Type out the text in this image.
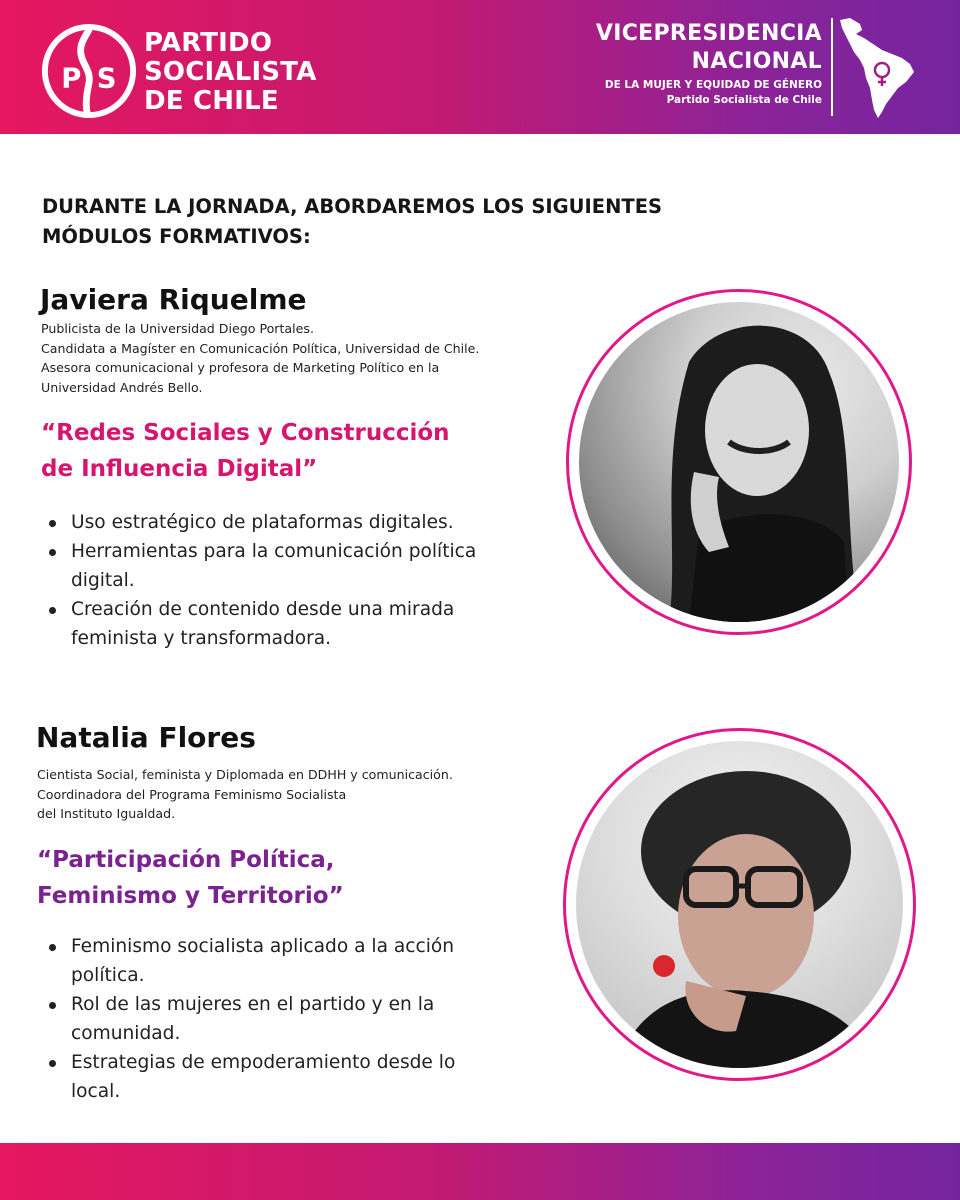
P S
PARTIDO
SOCIALISTA
DE CHILE
VICEPRESIDENCIA
NACIONAL
DE LA MUJER Y EQUIDAD DE GÉNERO
Partido Socialista de Chile
DURANTE LA JORNADA, ABORDAREMOS LOS SIGUIENTES
MÓDULOS FORMATIVOS:
Javiera Riquelme
Publicista de la Universidad Diego Portales.
Candidata a Magíster en Comunicación Política, Universidad de Chile.
Asesora comunicacional y profesora de Marketing Político en la
Universidad Andrés Bello.
“Redes Sociales y Construcción
de Influencia Digital”
Uso estratégico de plataformas digitales.
Herramientas para la comunicación política
digital.
Creación de contenido desde una mirada
feminista y transformadora.
Natalia Flores
Cientista Social, feminista y Diplomada en DDHH y comunicación.
Coordinadora del Programa Feminismo Socialista
del Instituto Igualdad.
“Participación Política,
Feminismo y Territorio”
Feminismo socialista aplicado a la acción
política.
Rol de las mujeres en el partido y en la
comunidad.
Estrategias de empoderamiento desde lo
local.
